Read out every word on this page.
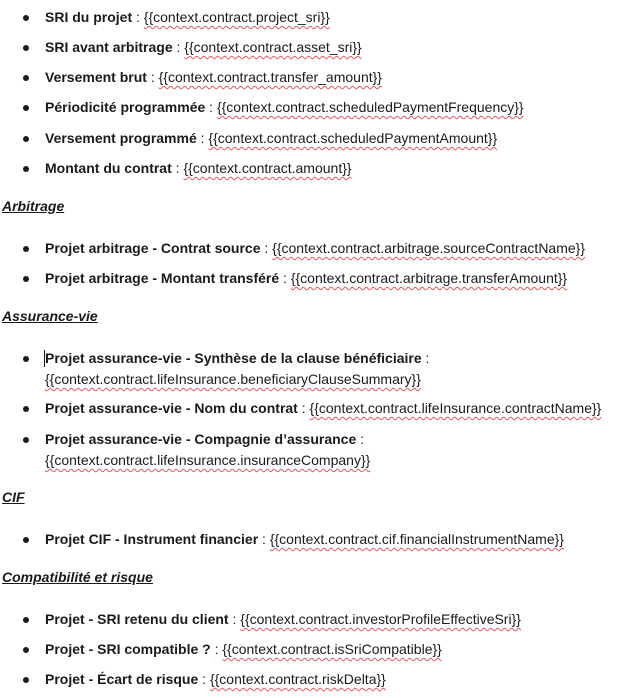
SRI du projet : {{context.contract.project_sri}}
SRI avant arbitrage : {{context.contract.asset_sri}}
Versement brut : {{context.contract.transfer_amount}}
Périodicité programmée : {{context.contract.scheduledPaymentFrequency}}
Versement programmé : {{context.contract.scheduledPaymentAmount}}
Montant du contrat : {{context.contract.amount}}
Arbitrage
Projet arbitrage - Contrat source : {{context.contract.arbitrage.sourceContractName}}
Projet arbitrage - Montant transféré : {{context.contract.arbitrage.transferAmount}}
Assurance-vie
Projet assurance-vie - Synthèse de la clause bénéficiaire :
{{context.contract.lifeInsurance.beneficiaryClauseSummary}}
Projet assurance-vie - Nom du contrat : {{context.contract.lifeInsurance.contractName}}
Projet assurance-vie - Compagnie d’assurance :
{{context.contract.lifeInsurance.insuranceCompany}}
CIF
Projet CIF - Instrument financier : {{context.contract.cif.financialInstrumentName}}
Compatibilité et risque
Projet - SRI retenu du client : {{context.contract.investorProfileEffectiveSri}}
Projet - SRI compatible ? : {{context.contract.isSriCompatible}}
Projet - Écart de risque : {{context.contract.riskDelta}}
